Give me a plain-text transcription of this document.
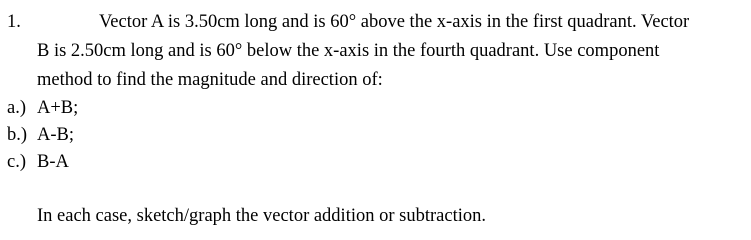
1.	Vector A is 3.50cm long and is 60° above the x-axis in the first quadrant. Vector
B is 2.50cm long and is 60° below the x-axis in the fourth quadrant. Use component
method to find the magnitude and direction of:
a.) A+B;
b.) A-B;
c.) B-A
In each case, sketch/graph the vector addition or subtraction.
